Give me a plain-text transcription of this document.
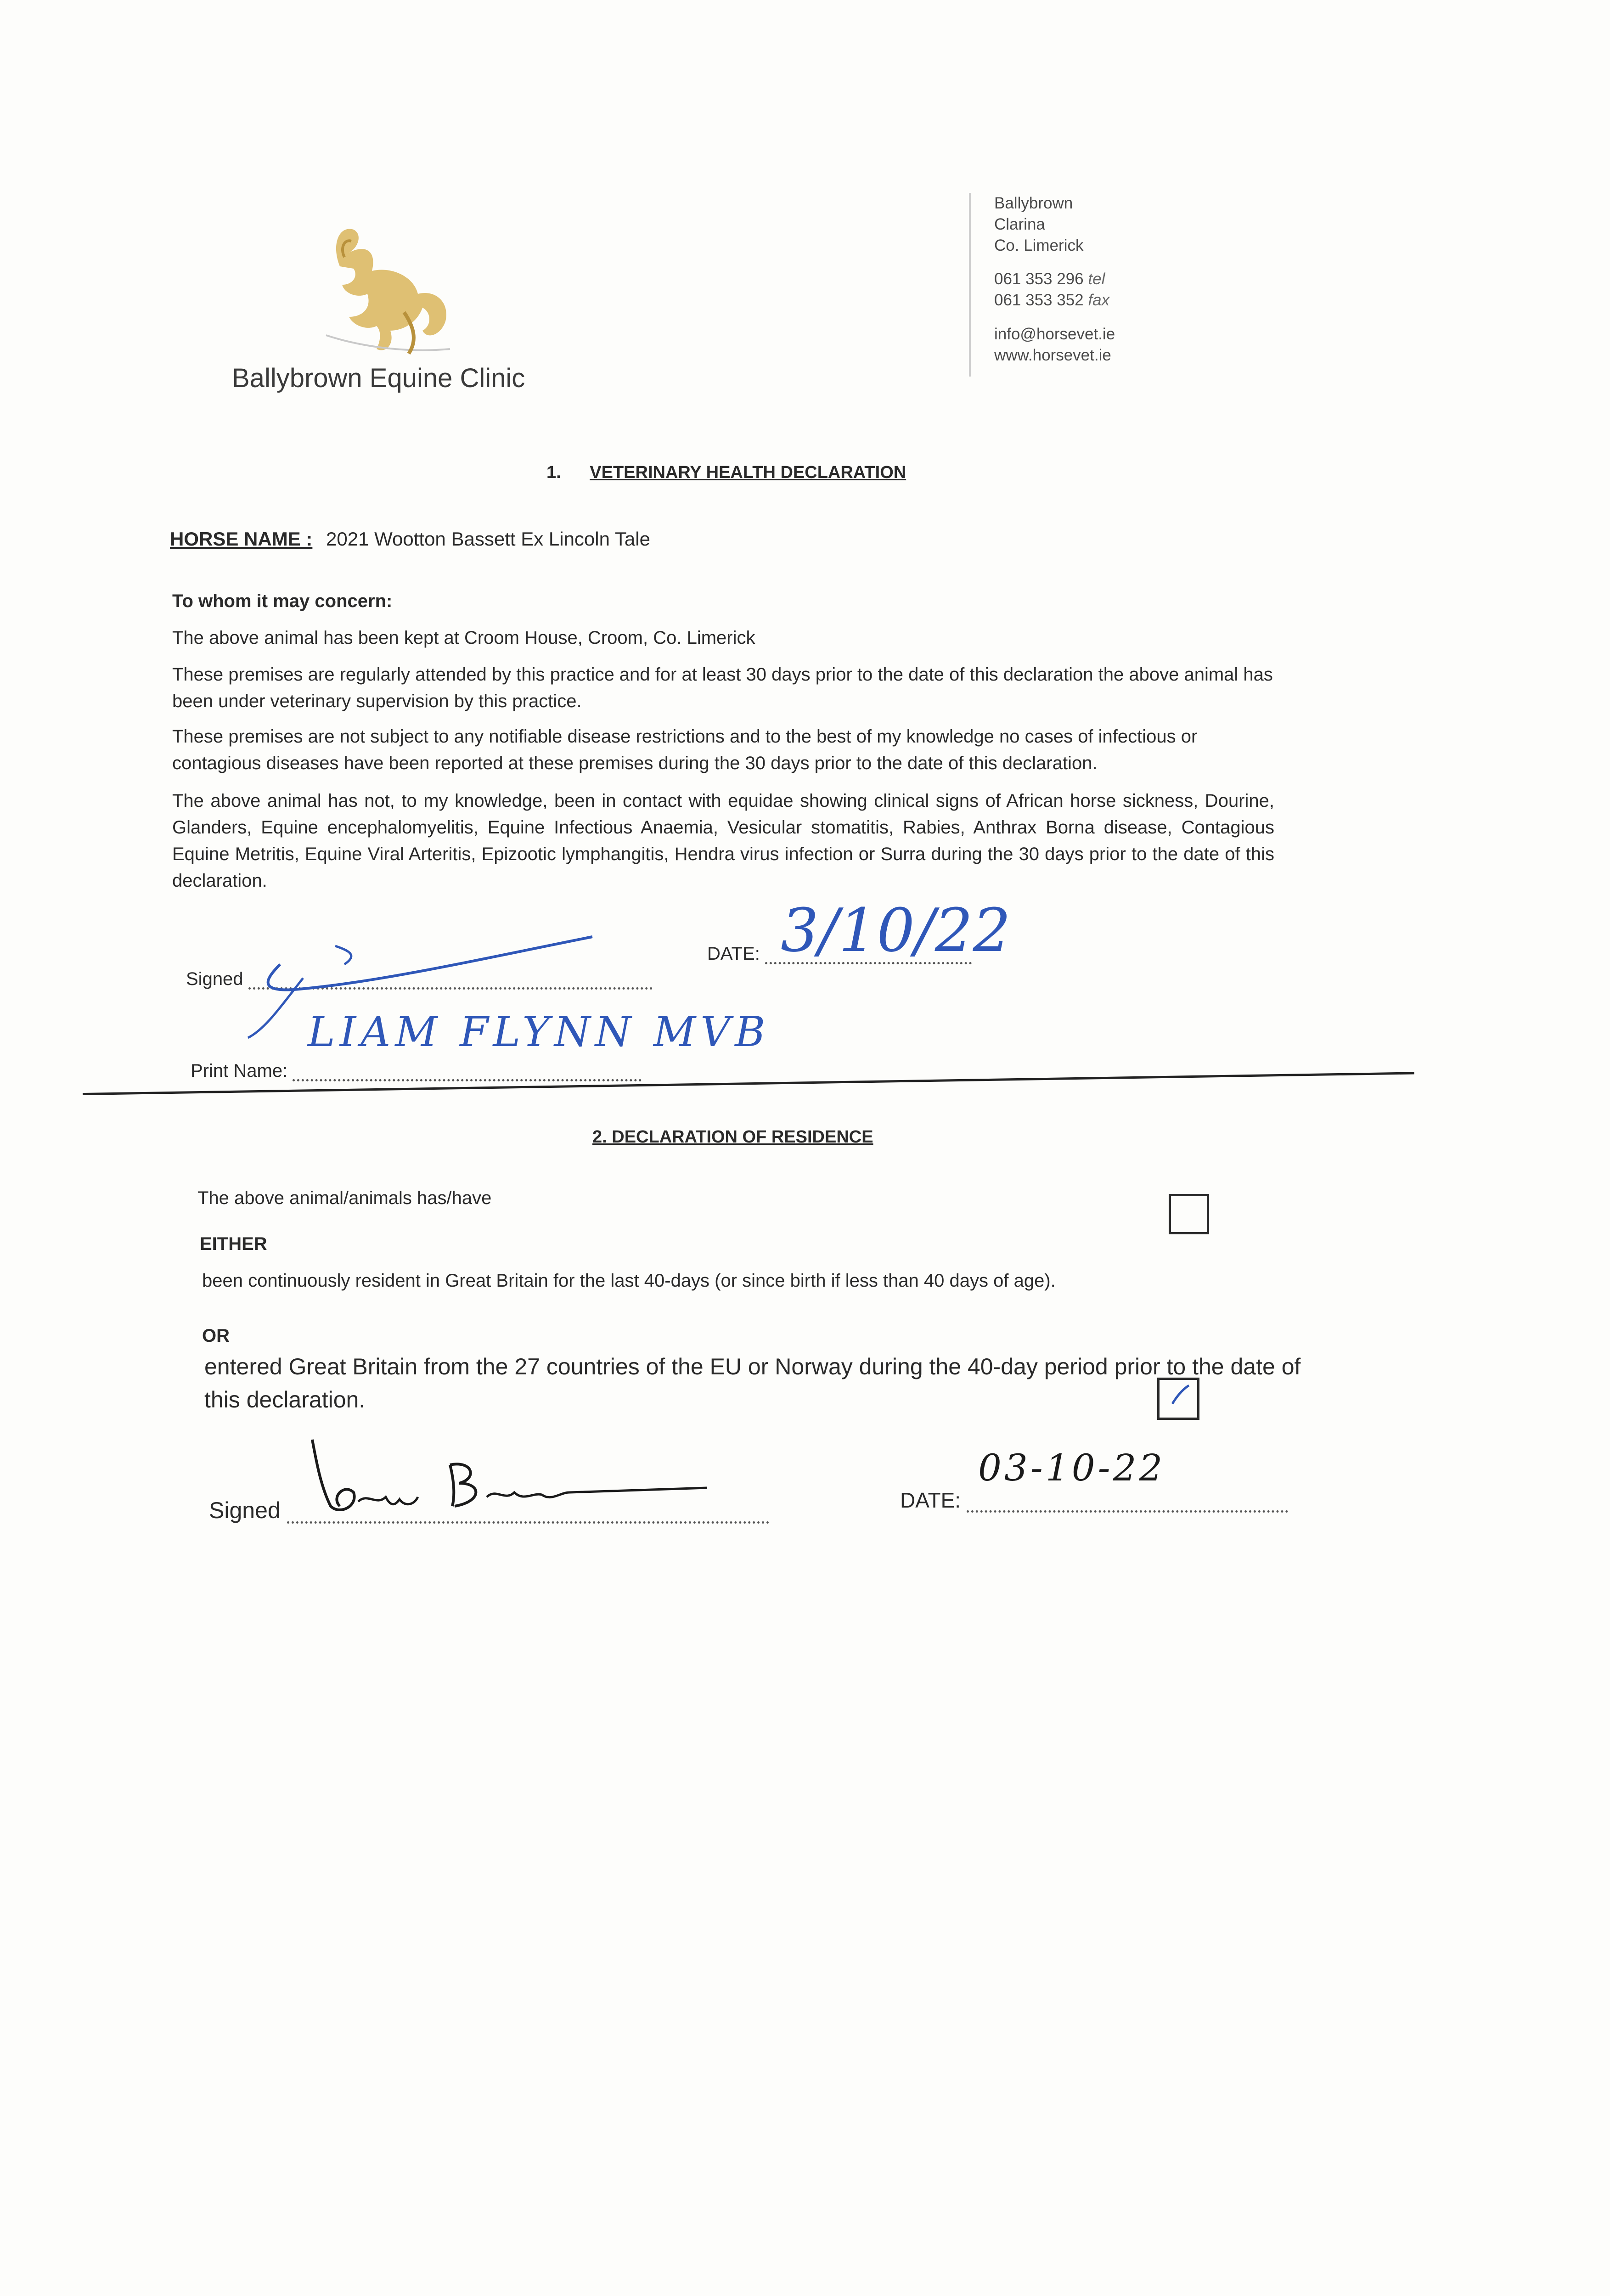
Ballybrown Equine Clinic
Ballybrown
Clarina
Co. Limerick
061 353 296 tel
061 353 352 fax
info@horsevet.ie
www.horsevet.ie
1. VETERINARY HEALTH DECLARATION
HORSE NAME : 2021 Wootton Bassett Ex Lincoln Tale
To whom it may concern:
The above animal has been kept at Croom House, Croom, Co. Limerick
These premises are regularly attended by this practice and for at least 30 days prior to the date of this declaration the above animal has been under veterinary supervision by this practice.
These premises are not subject to any notifiable disease restrictions and to the best of my knowledge no cases of infectious or contagious diseases have been reported at these premises during the 30 days prior to the date of this declaration.
The above animal has not, to my knowledge, been in contact with equidae showing clinical signs of African horse sickness, Dourine, Glanders, Equine encephalomyelitis, Equine Infectious Anaemia, Vesicular stomatitis, Rabies, Anthrax Borna disease, Contagious Equine Metritis, Equine Viral Arteritis, Epizootic lymphangitis, Hendra virus infection or Surra during the 30 days prior to the date of this declaration.
Signed
DATE: 3/10/22
Print Name:
LIAM FLYNN MVB
2. DECLARATION OF RESIDENCE
The above animal/animals has/have
EITHER
been continuously resident in Great Britain for the last 40-days (or since birth if less than 40 days of age).
OR
entered Great Britain from the 27 countries of the EU or Norway during the 40-day period prior to the date of this declaration.
Signed	DATE:
03-10-22
